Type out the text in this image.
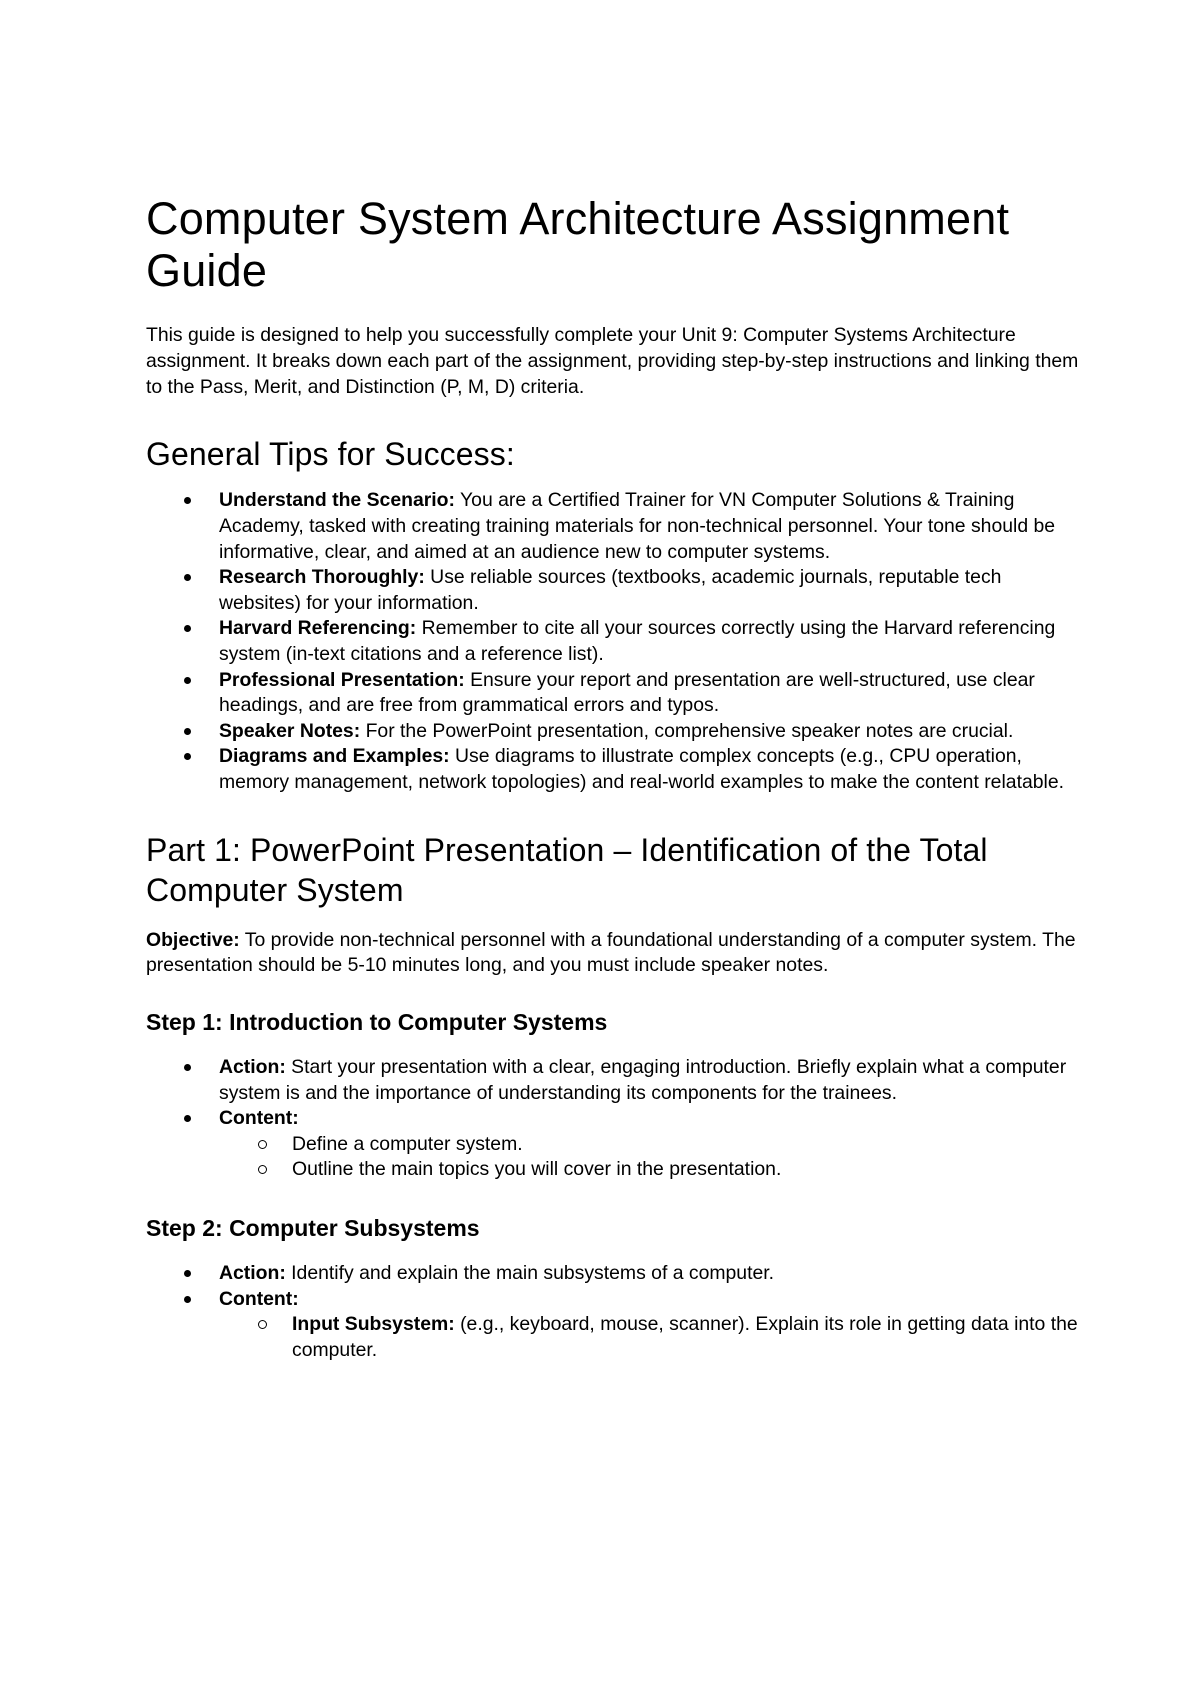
Computer System Architecture Assignment Guide

This guide is designed to help you successfully complete your Unit 9: Computer Systems Architecture assignment. It breaks down each part of the assignment, providing step-by-step instructions and linking them to the Pass, Merit, and Distinction (P, M, D) criteria.

General Tips for Success:
Understand the Scenario: You are a Certified Trainer for VN Computer Solutions & Training Academy, tasked with creating training materials for non-technical personnel. Your tone should be informative, clear, and aimed at an audience new to computer systems.
Research Thoroughly: Use reliable sources (textbooks, academic journals, reputable tech websites) for your information.
Harvard Referencing: Remember to cite all your sources correctly using the Harvard referencing system (in-text citations and a reference list).
Professional Presentation: Ensure your report and presentation are well-structured, use clear headings, and are free from grammatical errors and typos.
Speaker Notes: For the PowerPoint presentation, comprehensive speaker notes are crucial.
Diagrams and Examples: Use diagrams to illustrate complex concepts (e.g., CPU operation, memory management, network topologies) and real-world examples to make the content relatable.
Part 1: PowerPoint Presentation – Identification of the Total Computer System

Objective: To provide non-technical personnel with a foundational understanding of a computer system. The presentation should be 5-10 minutes long, and you must include speaker notes.

Step 1: Introduction to Computer Systems
Action: Start your presentation with a clear, engaging introduction. Briefly explain what a computer system is and the importance of understanding its components for the trainees.
Content:
Define a computer system.
Outline the main topics you will cover in the presentation.
Step 2: Computer Subsystems
Action: Identify and explain the main subsystems of a computer.
Content:
Input Subsystem: (e.g., keyboard, mouse, scanner). Explain its role in getting data into the computer.
